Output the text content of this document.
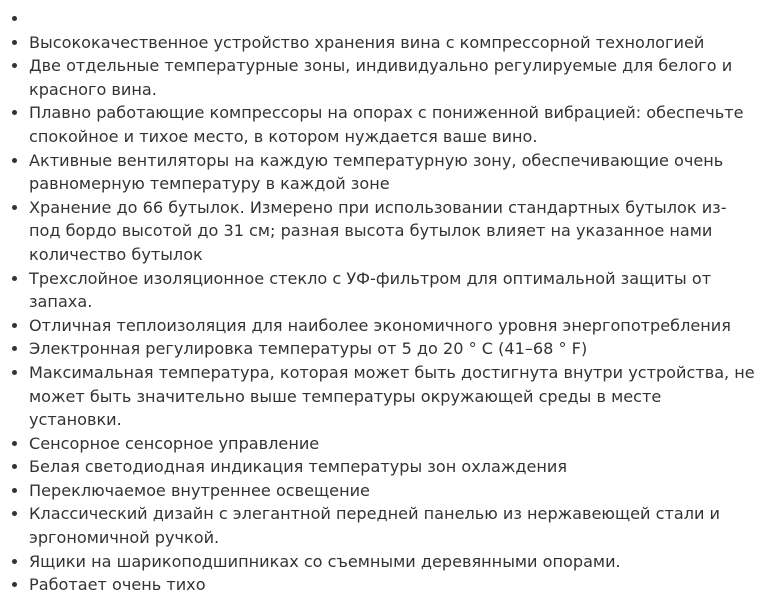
•
• Высококачественное устройство хранения вина с компрессорной технологией
• Две отдельные температурные зоны, индивидуально регулируемые для белого и красного вина.
• Плавно работающие компрессоры на опорах с пониженной вибрацией: обеспечьте спокойное и тихое место, в котором нуждается ваше вино.
• Активные вентиляторы на каждую температурную зону, обеспечивающие очень равномерную температуру в каждой зоне
• Хранение до 66 бутылок. Измерено при использовании стандартных бутылок из-под бордо высотой до 31 см; разная высота бутылок влияет на указанное нами количество бутылок
• Трехслойное изоляционное стекло с УФ-фильтром для оптимальной защиты от запаха.
• Отличная теплоизоляция для наиболее экономичного уровня энергопотребления
• Электронная регулировка температуры от 5 до 20 ° C (41–68 ° F)
• Максимальная температура, которая может быть достигнута внутри устройства, не может быть значительно выше температуры окружающей среды в месте установки.
• Сенсорное сенсорное управление
• Белая светодиодная индикация температуры зон охлаждения
• Переключаемое внутреннее освещение
• Классический дизайн с элегантной передней панелью из нержавеющей стали и эргономичной ручкой.
• Ящики на шарикоподшипниках со съемными деревянными опорами.
• Работает очень тихо
